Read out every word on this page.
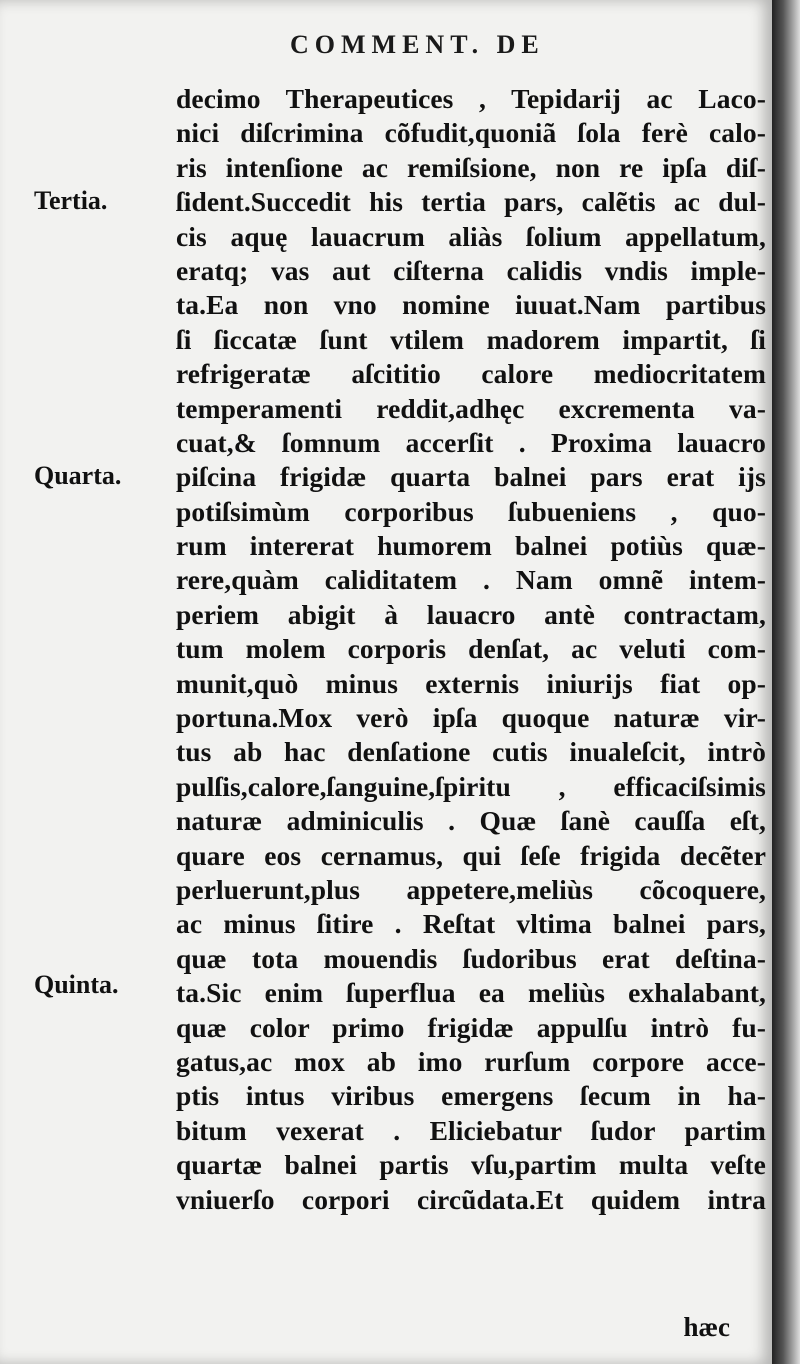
COMMENT. DE
Tertia.
Quarta.
Quinta.
decimo Therapeutices , Tepidarij ac Laco-
nici diſcrimina cõfudit,quoniã ſola ferè calo-
ris intenſione ac remiſsione, non re ipſa diſ-
ſident.Succedit his tertia pars, calẽtis ac dul-
cis aquę lauacrum aliàs ſolium appellatum,
eratq; vas aut ciſterna calidis vndis imple-
ta.Ea non vno nomine iuuat.Nam partibus
ſi ſiccatæ ſunt vtilem madorem impartit, ſi
refrigeratæ aſcititio calore mediocritatem
temperamenti reddit,adhęc excrementa va-
cuat,& ſomnum accerſit . Proxima lauacro
piſcina frigidæ quarta balnei pars erat ijs
potiſsimùm corporibus ſubueniens , quo-
rum intererat humorem balnei potiùs quæ-
rere,quàm caliditatem . Nam omnẽ intem-
periem abigit à lauacro antè contractam,
tum molem corporis denſat, ac veluti com-
munit,quò minus externis iniurijs fiat op-
portuna.Mox verò ipſa quoque naturæ vir-
tus ab hac denſatione cutis inualeſcit, intrò
pulſis,calore,ſanguine,ſpiritu , efficaciſsimis
naturæ adminiculis . Quæ ſanè cauſſa eſt,
quare eos cernamus, qui ſeſe frigida decẽter
perluerunt,plus appetere,meliùs cõcoquere,
ac minus ſitire . Reſtat vltima balnei pars,
quæ tota mouendis ſudoribus erat deſtina-
ta.Sic enim ſuperflua ea meliùs exhalabant,
quæ color primo frigidæ appulſu intrò fu-
gatus,ac mox ab imo rurſum corpore acce-
ptis intus viribus emergens ſecum in ha-
bitum vexerat . Eliciebatur ſudor partim
quartæ balnei partis vſu,partim multa veſte
vniuerſo corpori circũdata.Et quidem intra
hæc
